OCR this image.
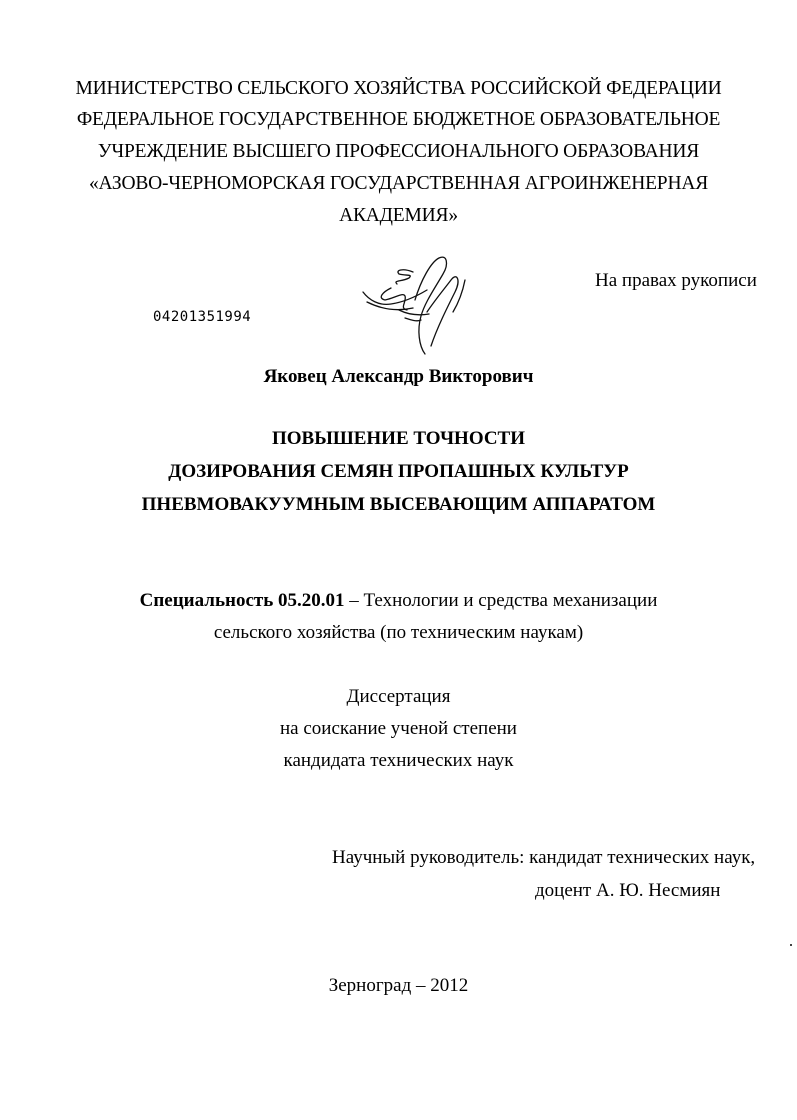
МИНИСТЕРСТВО СЕЛЬСКОГО ХОЗЯЙСТВА РОССИЙСКОЙ ФЕДЕРАЦИИ
ФЕДЕРАЛЬНОЕ ГОСУДАРСТВЕННОЕ БЮДЖЕТНОЕ ОБРАЗОВАТЕЛЬНОЕ
УЧРЕЖДЕНИЕ ВЫСШЕГО ПРОФЕССИОНАЛЬНОГО ОБРАЗОВАНИЯ
«АЗОВО-ЧЕРНОМОРСКАЯ ГОСУДАРСТВЕННАЯ АГРОИНЖЕНЕРНАЯ
АКАДЕМИЯ»
На правах рукописи
04201351994
Яковец Александр Викторович
ПОВЫШЕНИЕ ТОЧНОСТИ
ДОЗИРОВАНИЯ СЕМЯН ПРОПАШНЫХ КУЛЬТУР
ПНЕВМОВАКУУМНЫМ ВЫСЕВАЮЩИМ АППАРАТОМ
Специальность 05.20.01 – Технологии и средства механизации
сельского хозяйства (по техническим наукам)
Диссертация
на соискание ученой степени
кандидата технических наук
Научный руководитель: кандидат технических наук,
доцент А. Ю. Несмиян
Зерноград – 2012
